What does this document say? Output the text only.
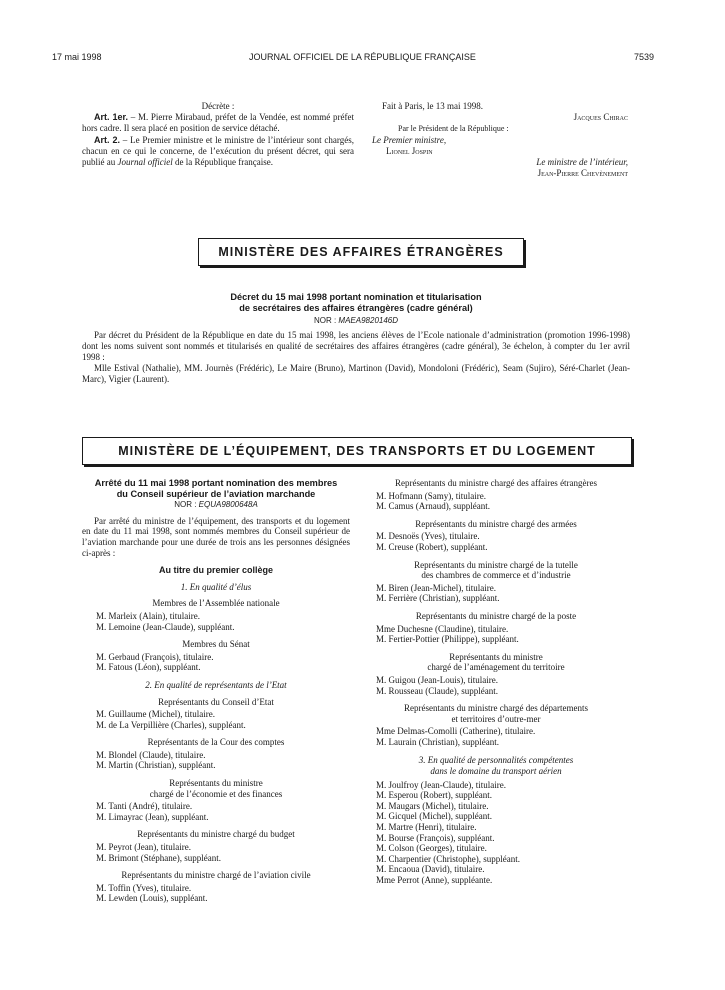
17 mai 1998	JOURNAL OFFICIEL DE LA RÉPUBLIQUE FRANÇAISE	7539

Décrète :

Art. 1er. – M. Pierre Mirabaud, préfet de la Vendée, est nommé préfet hors cadre. Il sera placé en position de service détaché.

Art. 2. – Le Premier ministre et le ministre de l’intérieur sont chargés, chacun en ce qui le concerne, de l’exécution du présent décret, qui sera publié au Journal officiel de la République française.

Fait à Paris, le 13 mai 1998.

Jacques Chirac

Par le Président de la République :

Le Premier ministre,

Lionel Jospin

Le ministre de l’intérieur,

Jean-Pierre Chevènement

MINISTÈRE DES AFFAIRES ÉTRANGÈRES

Décret du 15 mai 1998 portant nomination et titularisation

de secrétaires des affaires étrangères (cadre général)

NOR : MAEA9820146D

Par décret du Président de la République en date du 15 mai 1998, les anciens élèves de l’Ecole nationale d’administration (promotion 1996-1998) dont les noms suivent sont nommés et titularisés en qualité de secrétaires des affaires étrangères (cadre général), 3e échelon, à compter du 1er avril 1998 :

Mlle Estival (Nathalie), MM. Journès (Frédéric), Le Maire (Bruno), Martinon (David), Mondoloni (Frédéric), Seam (Sujiro), Séré-Charlet (Jean-Marc), Vigier (Laurent).

MINISTÈRE DE L’ÉQUIPEMENT, DES TRANSPORTS ET DU LOGEMENT

Arrêté du 11 mai 1998 portant nomination des membres

du Conseil supérieur de l’aviation marchande

NOR : EQUA9800648A

Par arrêté du ministre de l’équipement, des transports et du logement en date du 11 mai 1998, sont nommés membres du Conseil supérieur de l’aviation marchande pour une durée de trois ans les personnes désignées ci-après :

Au titre du premier collège

1. En qualité d’élus

Membres de l’Assemblée nationale

M. Marleix (Alain), titulaire.

M. Lemoine (Jean-Claude), suppléant.

Membres du Sénat

M. Gerbaud (François), titulaire.

M. Fatous (Léon), suppléant.

2. En qualité de représentants de l’Etat

Représentants du Conseil d’Etat

M. Guillaume (Michel), titulaire.

M. de La Verpillière (Charles), suppléant.

Représentants de la Cour des comptes

M. Blondel (Claude), titulaire.

M. Martin (Christian), suppléant.

Représentants du ministre

chargé de l’économie et des finances

M. Tanti (André), titulaire.

M. Limayrac (Jean), suppléant.

Représentants du ministre chargé du budget

M. Peyrot (Jean), titulaire.

M. Brimont (Stéphane), suppléant.

Représentants du ministre chargé de l’aviation civile

M. Toffin (Yves), titulaire.

M. Lewden (Louis), suppléant.

Représentants du ministre chargé des affaires étrangères

M. Hofmann (Samy), titulaire.

M. Camus (Arnaud), suppléant.

Représentants du ministre chargé des armées

M. Desnoës (Yves), titulaire.

M. Creuse (Robert), suppléant.

Représentants du ministre chargé de la tutelle

des chambres de commerce et d’industrie

M. Biren (Jean-Michel), titulaire.

M. Ferrière (Christian), suppléant.

Représentants du ministre chargé de la poste

Mme Duchesne (Claudine), titulaire.

M. Fertier-Pottier (Philippe), suppléant.

Représentants du ministre

chargé de l’aménagement du territoire

M. Guigou (Jean-Louis), titulaire.

M. Rousseau (Claude), suppléant.

Représentants du ministre chargé des départements

et territoires d’outre-mer

Mme Delmas-Comolli (Catherine), titulaire.

M. Laurain (Christian), suppléant.

3. En qualité de personnalités compétentes

dans le domaine du transport aérien

M. Joulfroy (Jean-Claude), titulaire.

M. Esperou (Robert), suppléant.

M. Maugars (Michel), titulaire.

M. Gicquel (Michel), suppléant.

M. Martre (Henri), titulaire.

M. Bourse (François), suppléant.

M. Colson (Georges), titulaire.

M. Charpentier (Christophe), suppléant.

M. Encaoua (David), titulaire.

Mme Perrot (Anne), suppléante.
